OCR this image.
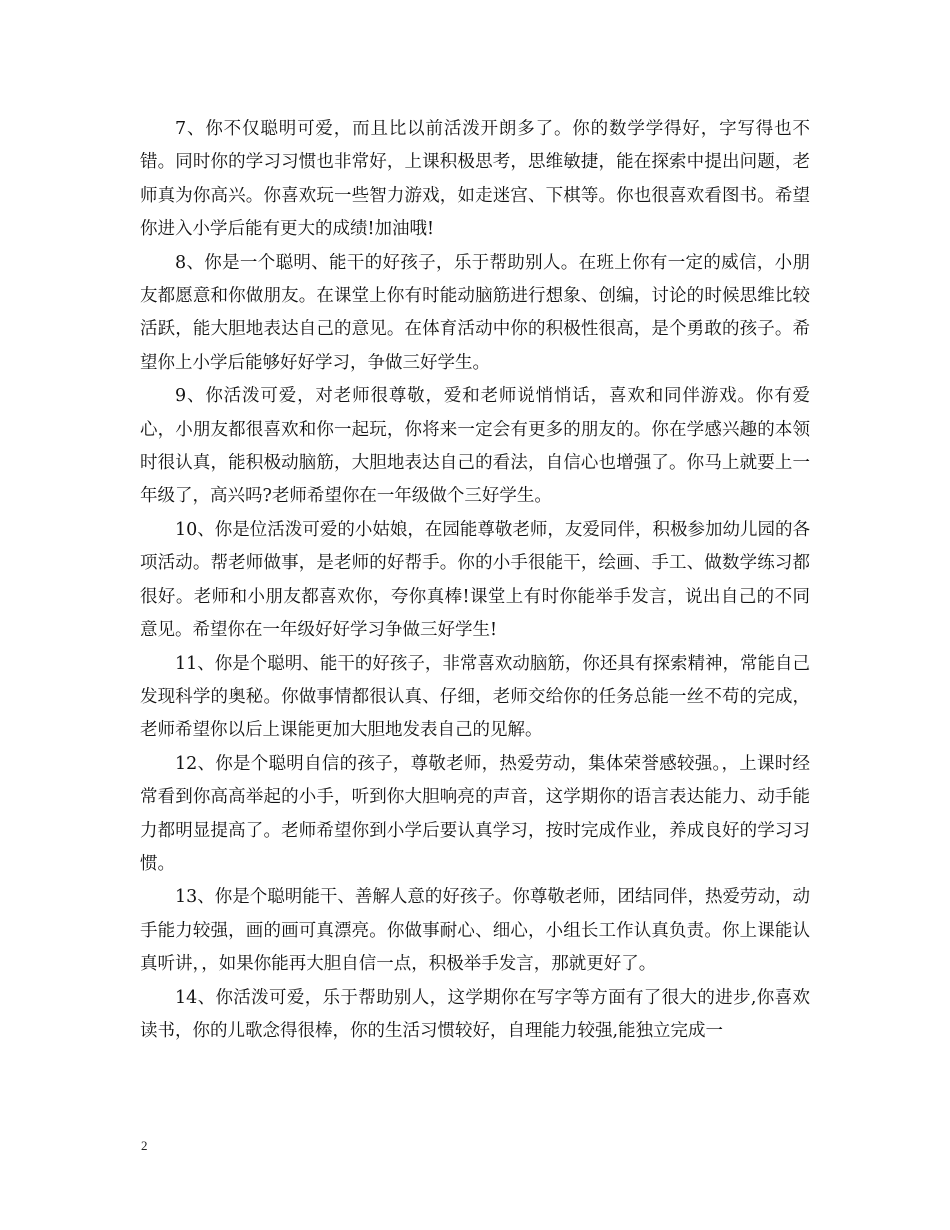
7、你不仅聪明可爱，而且比以前活泼开朗多了。你的数学学得好，字写得也不错。同时你的学习习惯也非常好，上课积极思考，思维敏捷，能在探索中提出问题，老师真为你高兴。你喜欢玩一些智力游戏，如走迷宫、下棋等。你也很喜欢看图书。希望你进入小学后能有更大的成绩!加油哦!

8、你是一个聪明、能干的好孩子，乐于帮助别人。在班上你有一定的威信，小朋友都愿意和你做朋友。在课堂上你有时能动脑筋进行想象、创编，讨论的时候思维比较活跃，能大胆地表达自己的意见。在体育活动中你的积极性很高，是个勇敢的孩子。希望你上小学后能够好好学习，争做三好学生。

9、你活泼可爱，对老师很尊敬，爱和老师说悄悄话，喜欢和同伴游戏。你有爱心，小朋友都很喜欢和你一起玩，你将来一定会有更多的朋友的。你在学感兴趣的本领时很认真，能积极动脑筋，大胆地表达自己的看法，自信心也增强了。你马上就要上一年级了，高兴吗?老师希望你在一年级做个三好学生。

10、你是位活泼可爱的小姑娘，在园能尊敬老师，友爱同伴，积极参加幼儿园的各项活动。帮老师做事，是老师的好帮手。你的小手很能干，绘画、手工、做数学练习都很好。老师和小朋友都喜欢你，夸你真棒!课堂上有时你能举手发言，说出自己的不同意见。希望你在一年级好好学习争做三好学生!

11、你是个聪明、能干的好孩子，非常喜欢动脑筋，你还具有探索精神，常能自己发现科学的奥秘。你做事情都很认真、仔细，老师交给你的任务总能一丝不苟的完成，老师希望你以后上课能更加大胆地发表自己的见解。

12、你是个聪明自信的孩子，尊敬老师，热爱劳动，集体荣誉感较强。，上课时经常看到你高高举起的小手，听到你大胆响亮的声音，这学期你的语言表达能力、动手能力都明显提高了。老师希望你到小学后要认真学习，按时完成作业，养成良好的学习习惯。

13、你是个聪明能干、善解人意的好孩子。你尊敬老师，团结同伴，热爱劳动，动手能力较强，画的画可真漂亮。你做事耐心、细心，小组长工作认真负责。你上课能认真听讲，，如果你能再大胆自信一点，积极举手发言，那就更好了。

14、你活泼可爱，乐于帮助别人，这学期你在写字等方面有了很大的进步,你喜欢读书，你的儿歌念得很棒，你的生活习惯较好，自理能力较强,能独立完成一

2
